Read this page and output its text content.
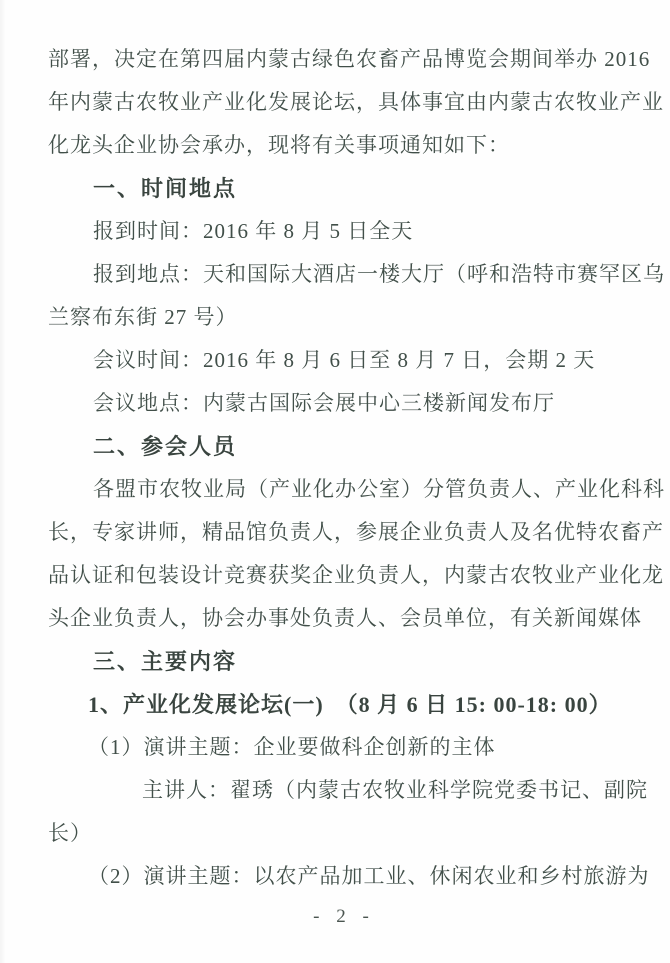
部署，决定在第四届内蒙古绿色农畜产品博览会期间举办 2016
年内蒙古农牧业产业化发展论坛，具体事宜由内蒙古农牧业产业
化龙头企业协会承办，现将有关事项通知如下：
一、时间地点
报到时间：2016 年 8 月 5 日全天
报到地点：天和国际大酒店一楼大厅（呼和浩特市赛罕区乌
兰察布东街 27 号）
会议时间：2016 年 8 月 6 日至 8 月 7 日，会期 2 天
会议地点：内蒙古国际会展中心三楼新闻发布厅
二、参会人员
各盟市农牧业局（产业化办公室）分管负责人、产业化科科
长，专家讲师，精品馆负责人，参展企业负责人及名优特农畜产
品认证和包装设计竞赛获奖企业负责人，内蒙古农牧业产业化龙
头企业负责人，协会办事处负责人、会员单位，有关新闻媒体
三、主要内容
1、产业化发展论坛(一)　（8 月 6 日 15: 00-18: 00）
（1）演讲主题：企业要做科企创新的主体
主讲人：翟琇（内蒙古农牧业科学院党委书记、副院
长）
（2）演讲主题：以农产品加工业、休闲农业和乡村旅游为
- 2 -
